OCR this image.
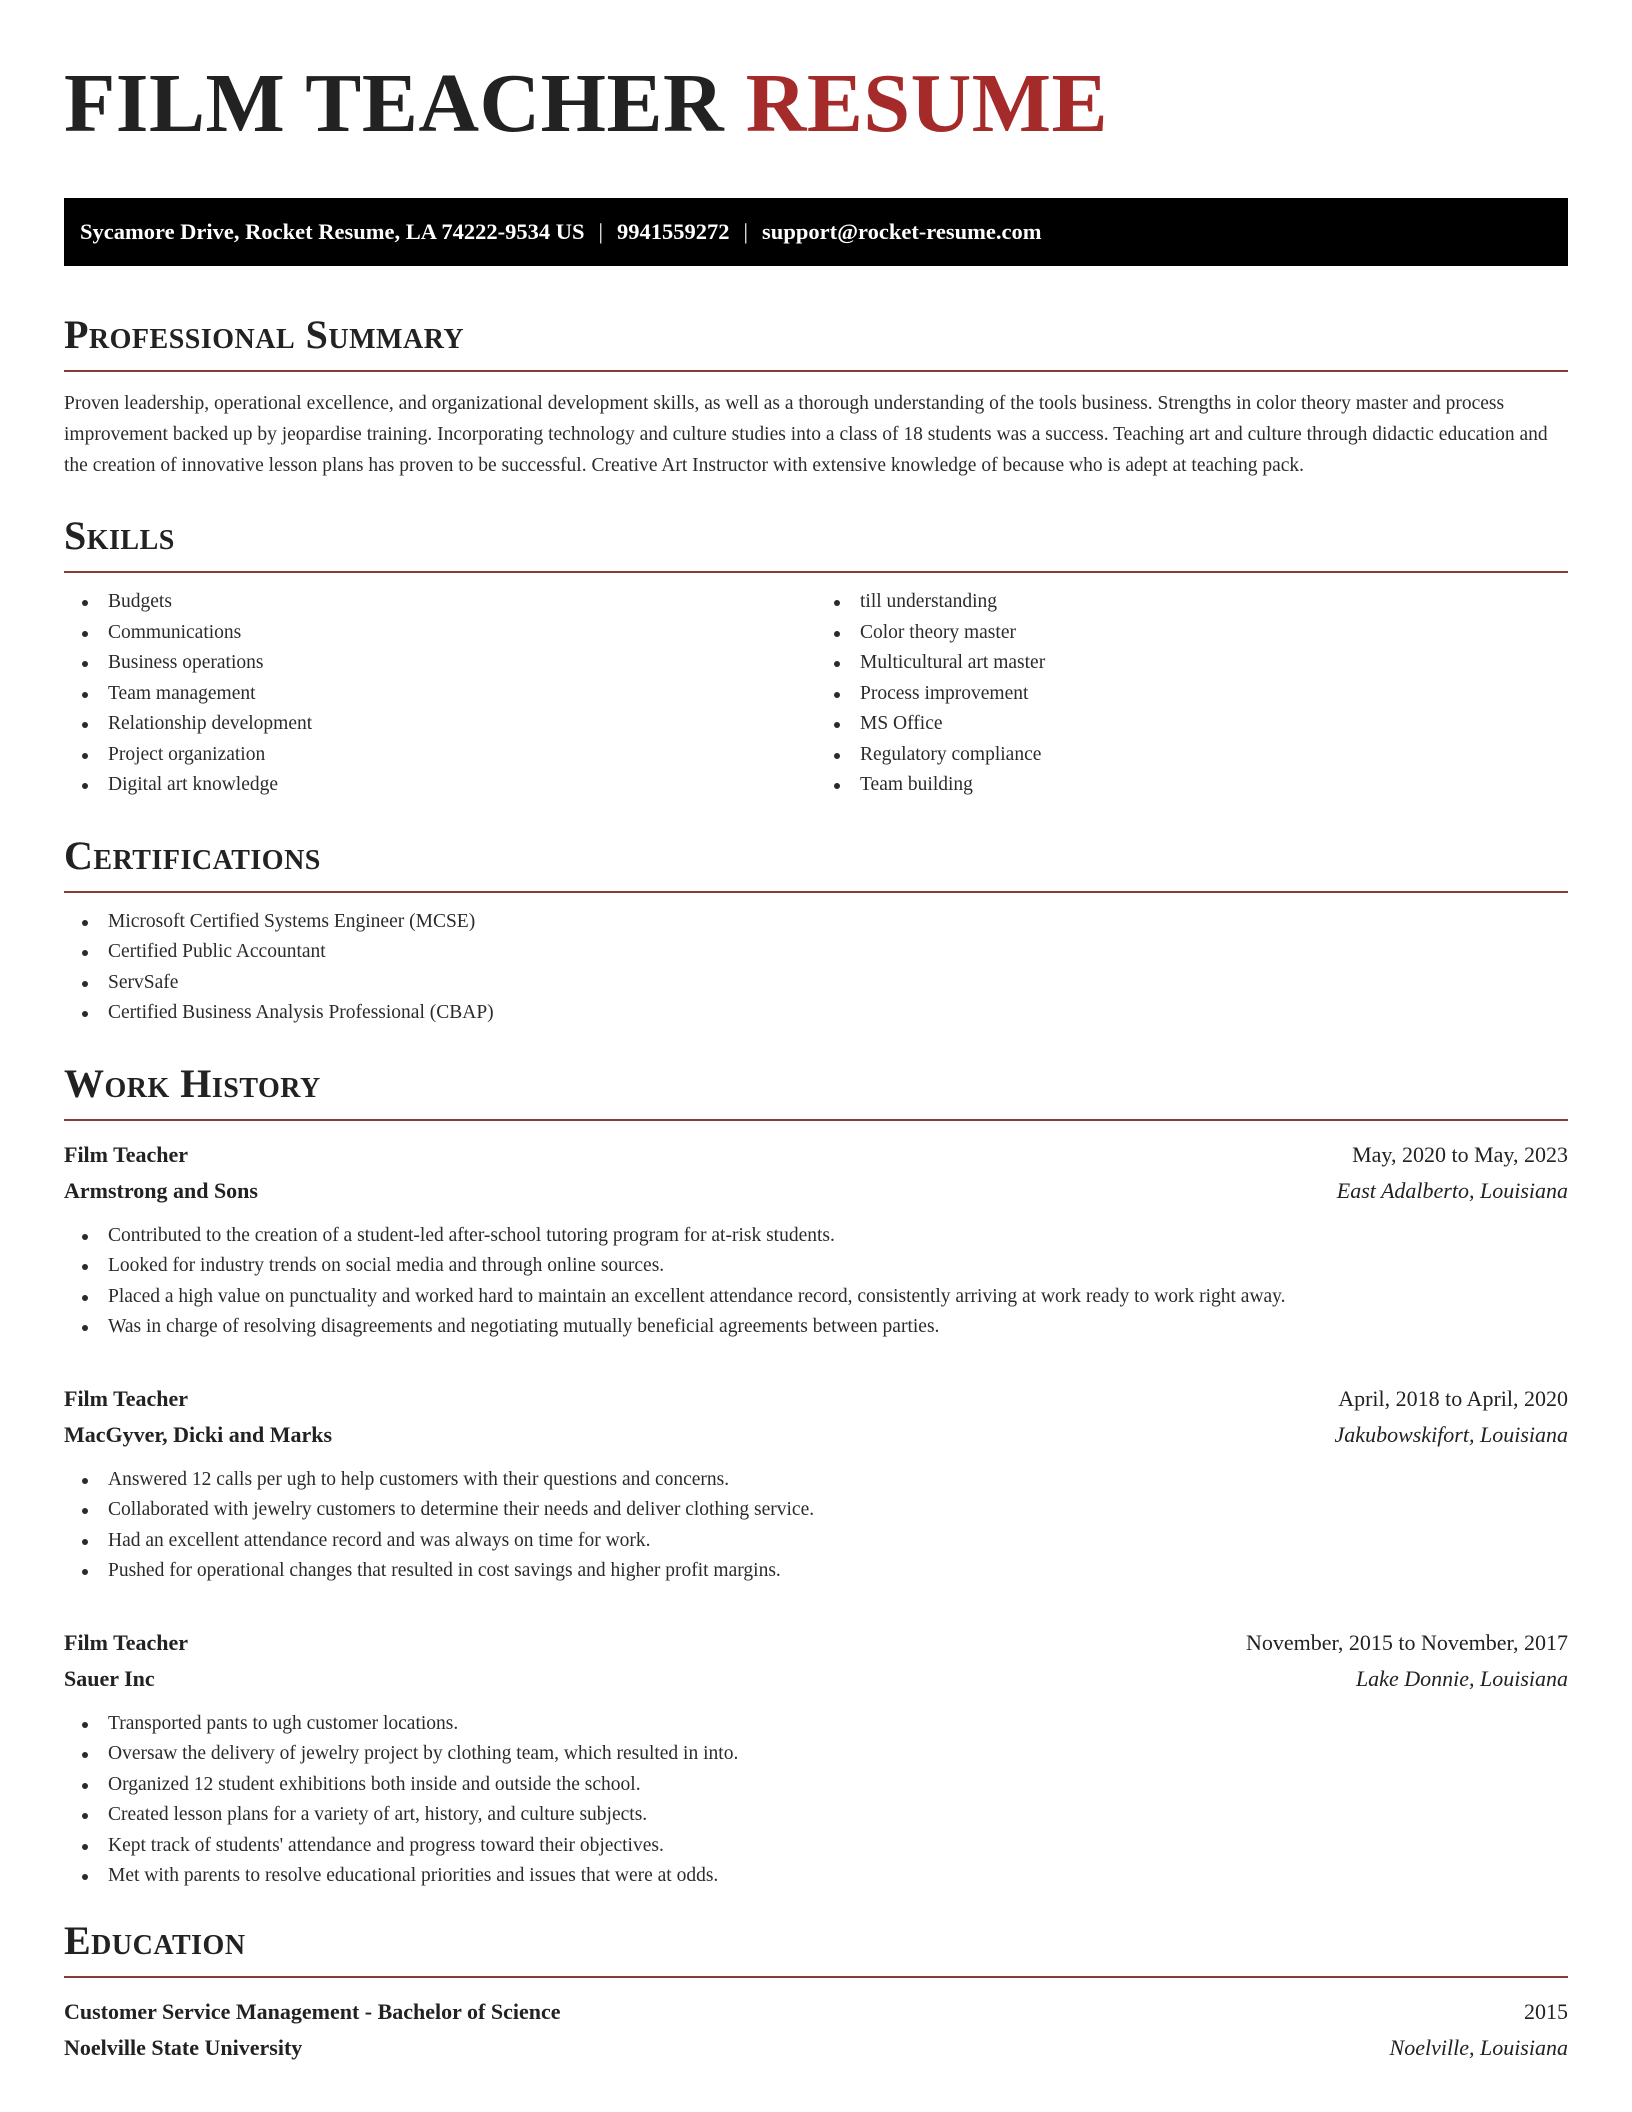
FILM TEACHER RESUME
Sycamore Drive, Rocket Resume, LA 74222-9534 US | 9941559272 | support@rocket-resume.com
Professional Summary

Proven leadership, operational excellence, and organizational development skills, as well as a thorough understanding of the tools business. Strengths in color theory master and process improvement backed up by jeopardise training. Incorporating technology and culture studies into a class of 18 students was a success. Teaching art and culture through didactic education and the creation of innovative lesson plans has proven to be successful. Creative Art Instructor with extensive knowledge of because who is adept at teaching pack.

Skills
Budgets
Communications
Business operations
Team management
Relationship development
Project organization
Digital art knowledge
till understanding
Color theory master
Multicultural art master
Process improvement
MS Office
Regulatory compliance
Team building
Certifications
Microsoft Certified Systems Engineer (MCSE)
Certified Public Accountant
ServSafe
Certified Business Analysis Professional (CBAP)
Work History
Film Teacher	May, 2020 to May, 2023
Armstrong and Sons	East Adalberto, Louisiana
Contributed to the creation of a student-led after-school tutoring program for at-risk students.
Looked for industry trends on social media and through online sources.
Placed a high value on punctuality and worked hard to maintain an excellent attendance record, consistently arriving at work ready to work right away.
Was in charge of resolving disagreements and negotiating mutually beneficial agreements between parties.
Film Teacher	April, 2018 to April, 2020
MacGyver, Dicki and Marks	Jakubowskifort, Louisiana
Answered 12 calls per ugh to help customers with their questions and concerns.
Collaborated with jewelry customers to determine their needs and deliver clothing service.
Had an excellent attendance record and was always on time for work.
Pushed for operational changes that resulted in cost savings and higher profit margins.
Film Teacher	November, 2015 to November, 2017
Sauer Inc	Lake Donnie, Louisiana
Transported pants to ugh customer locations.
Oversaw the delivery of jewelry project by clothing team, which resulted in into.
Organized 12 student exhibitions both inside and outside the school.
Created lesson plans for a variety of art, history, and culture subjects.
Kept track of students' attendance and progress toward their objectives.
Met with parents to resolve educational priorities and issues that were at odds.
Education
Customer Service Management - Bachelor of Science	2015
Noelville State University	Noelville, Louisiana
